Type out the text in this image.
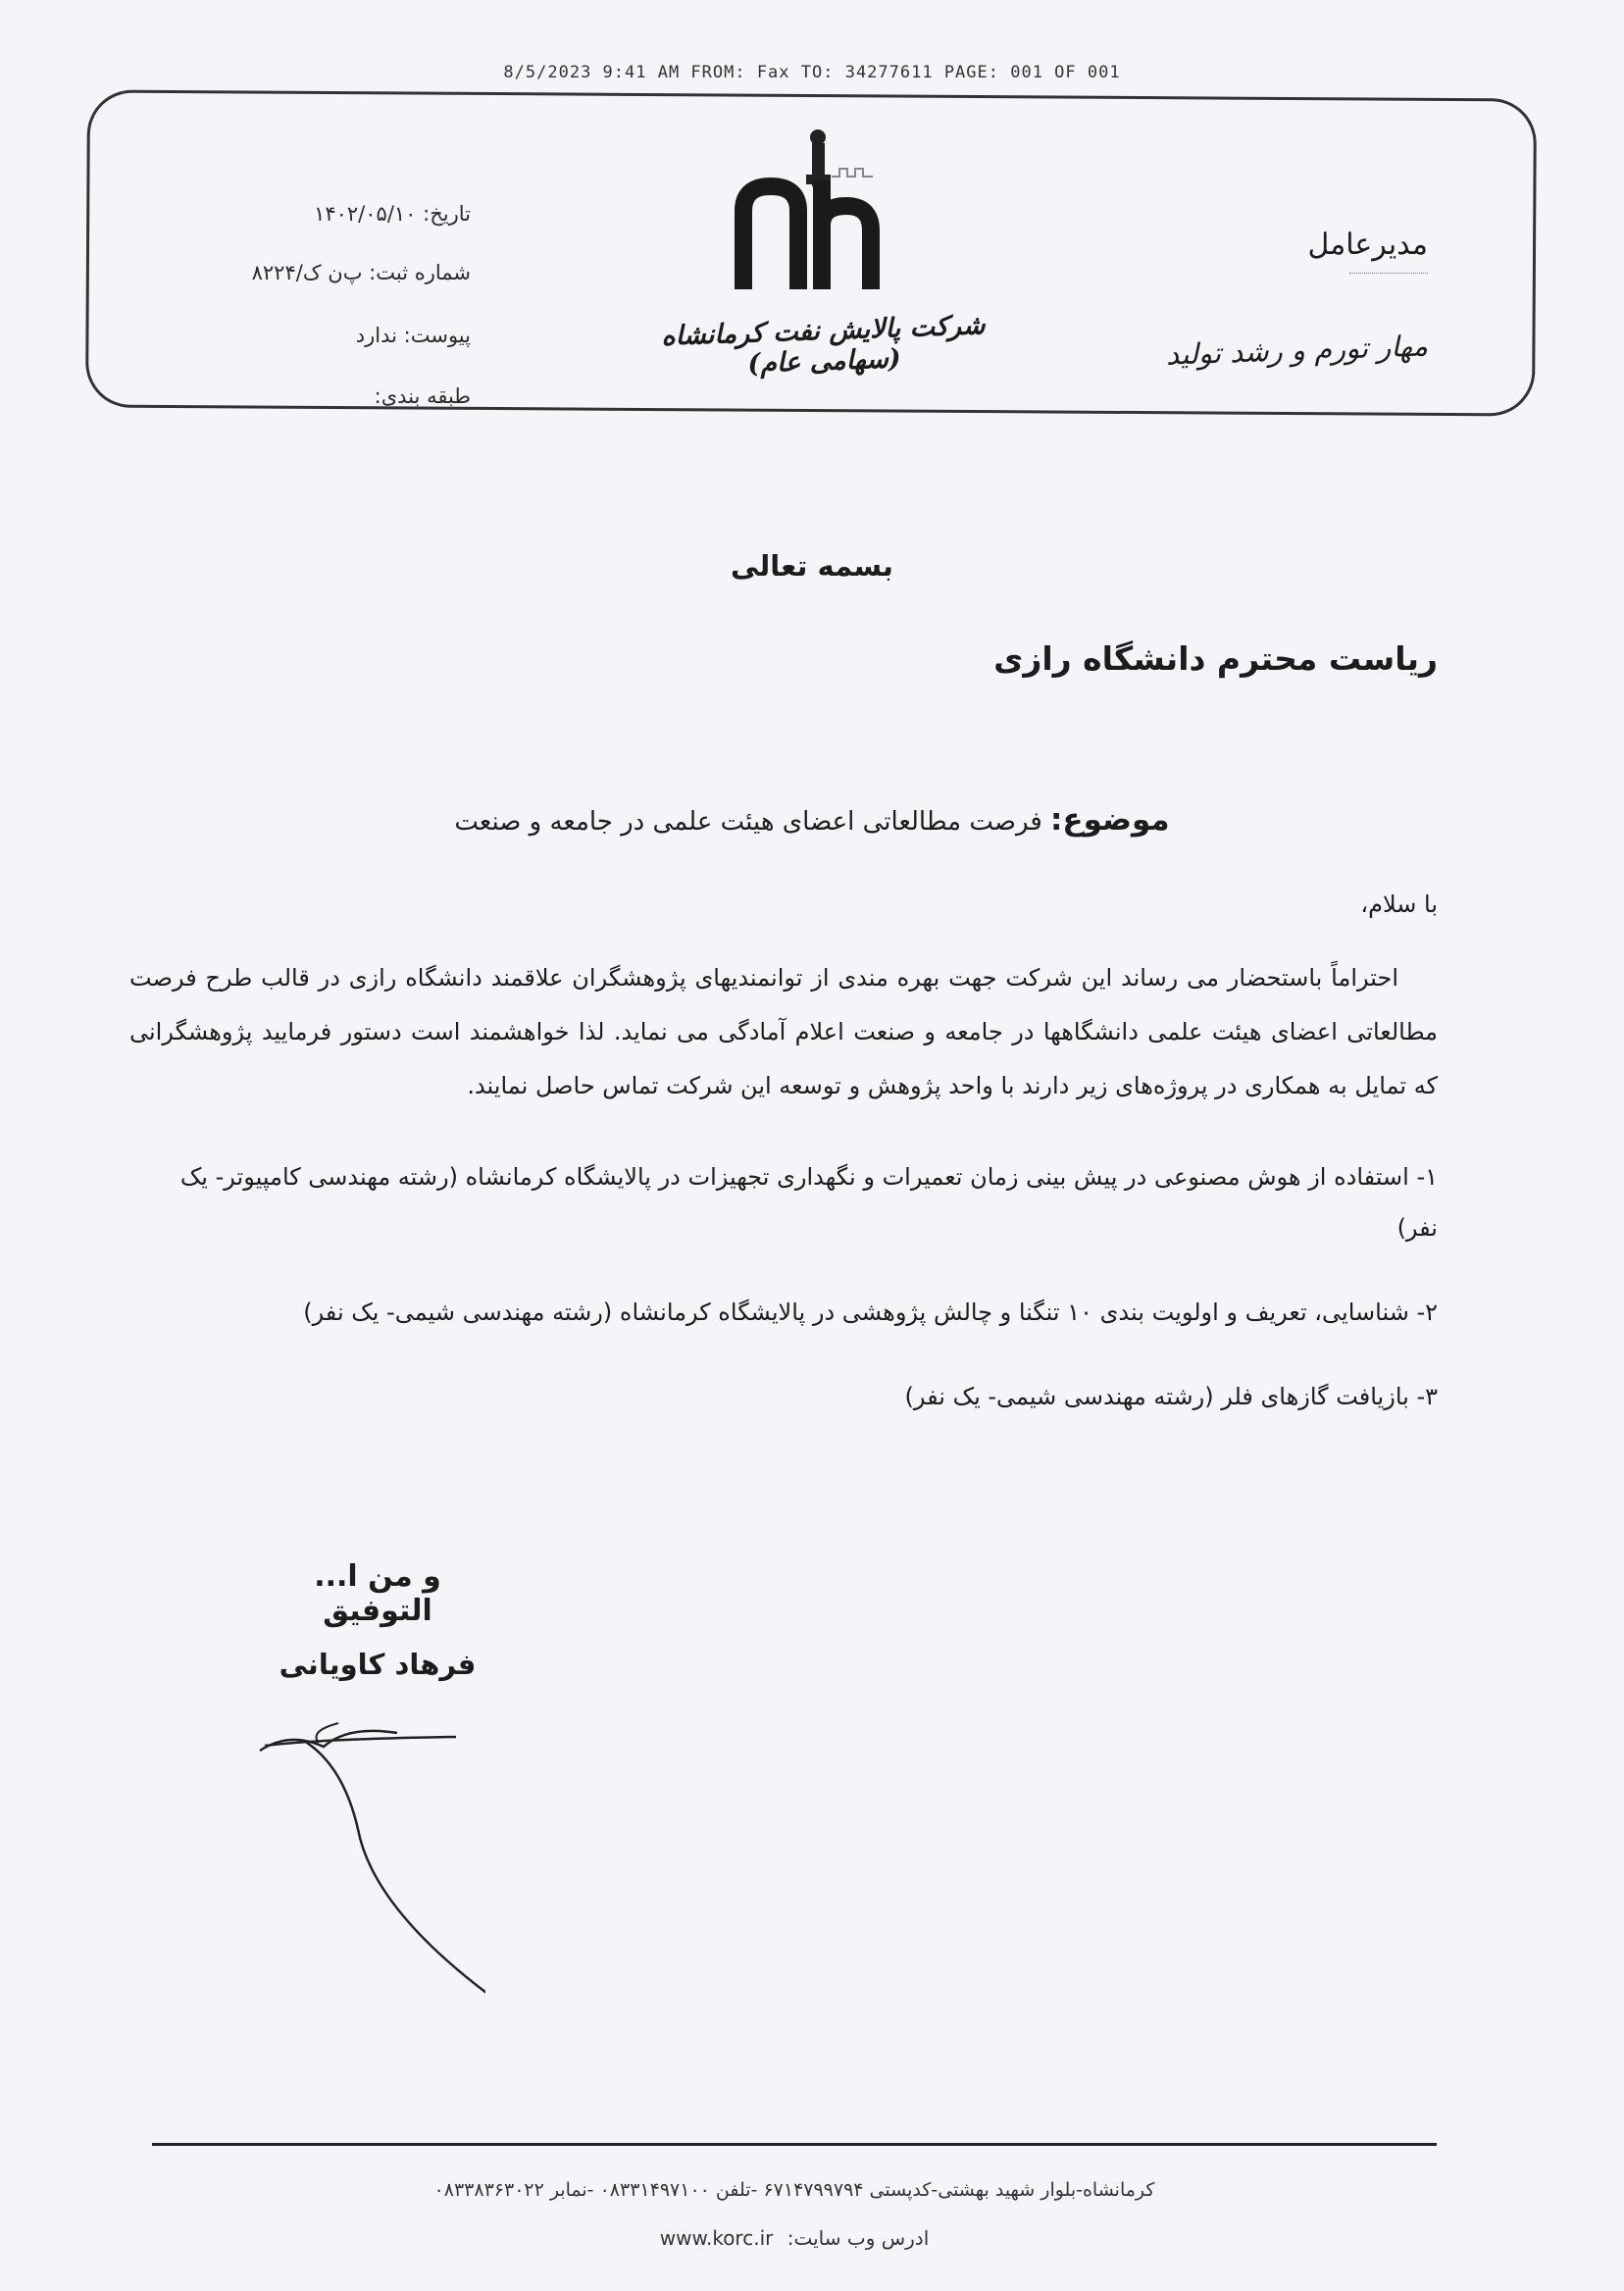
8/5/2023 9:41 AM FROM: Fax TO: 34277611 PAGE: 001 OF 001
تاریخ: ۱۴۰۲/۰۵/۱۰
شماره ثبت: پ‌ن ک/۸۲۲۴
پیوست: ندارد
طبقه بندی:
شرکت پالایش نفت کرمانشاه (سهامی عام)
مدیرعامل
مهار تورم و رشد تولید
بسمه تعالی
ریاست محترم دانشگاه رازی
موضوع: فرصت مطالعاتی اعضای هیئت علمی در جامعه و صنعت
با سلام،

احتراماً باستحضار می رساند این شرکت جهت بهره مندی از توانمندیهای پژوهشگران علاقمند دانشگاه رازی در قالب طرح فرصت مطالعاتی اعضای هیئت علمی دانشگاهها در جامعه و صنعت اعلام آمادگی می نماید. لذا خواهشمند است دستور فرمایید پژوهشگرانی که تمایل به همکاری در پروژه‌های زیر دارند با واحد پژوهش و توسعه این شرکت تماس حاصل نمایند.

۱- استفاده از هوش مصنوعی در پیش بینی زمان تعمیرات و نگهداری تجهیزات در پالایشگاه کرمانشاه (رشته مهندسی کامپیوتر- یک نفر)

۲- شناسایی، تعریف و اولویت بندی ۱۰ تنگنا و چالش پژوهشی در پالایشگاه کرمانشاه (رشته مهندسی شیمی- یک نفر)

۳- بازیافت گازهای فلر (رشته مهندسی شیمی- یک نفر)

و من ا... التوفیق
فرهاد کاویانی
کرمانشاه-بلوار شهید بهشتی-کدپستی ۶۷۱۴۷۹۹۷۹۴ -تلفن ۰۸۳۳۱۴۹۷۱۰۰ -نمابر ۰۸۳۳۸۳۶۳۰۲۲
ادرس وب سایت: www.korc.ir
